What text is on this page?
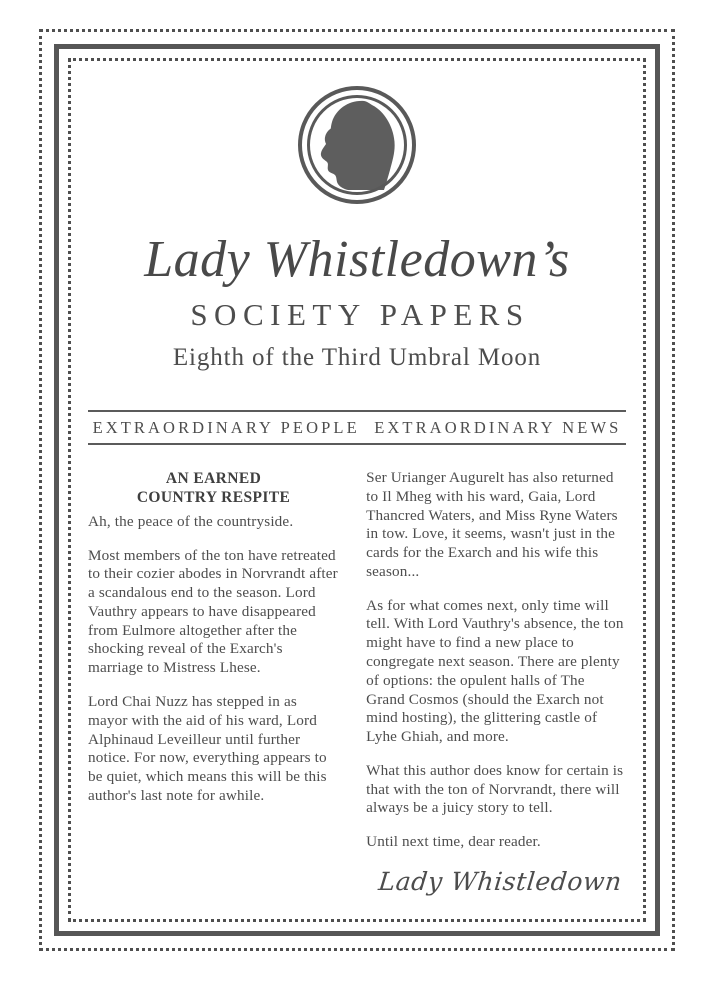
Lady Whistledown’s
SOCIETY PAPERS
Eighth of the Third Umbral Moon
EXTRAORDINARY PEOPLE  EXTRAORDINARY NEWS
AN EARNED
COUNTRY RESPITE

Ah, the peace of the countryside.

Most members of the ton have retreated to their cozier abodes in Norvrandt after a scandalous end to the season. Lord Vauthry appears to have disappeared from Eulmore altogether after the shocking reveal of the Exarch's marriage to Mistress Lhese.

Lord Chai Nuzz has stepped in as mayor with the aid of his ward, Lord Alphinaud Leveilleur until further notice. For now, everything appears to be quiet, which means this will be this author's last note for awhile.

Ser Urianger Augurelt has also returned to Il Mheg with his ward, Gaia, Lord Thancred Waters, and Miss Ryne Waters in tow. Love, it seems, wasn't just in the cards for the Exarch and his wife this season...

As for what comes next, only time will tell. With Lord Vauthry's absence, the ton might have to find a new place to congregate next season. There are plenty of options: the opulent halls of The Grand Cosmos (should the Exarch not mind hosting), the glittering castle of Lyhe Ghiah, and more.

What this author does know for certain is that with the ton of Norvrandt, there will always be a juicy story to tell.

Until next time, dear reader.

Lady Whistledown
